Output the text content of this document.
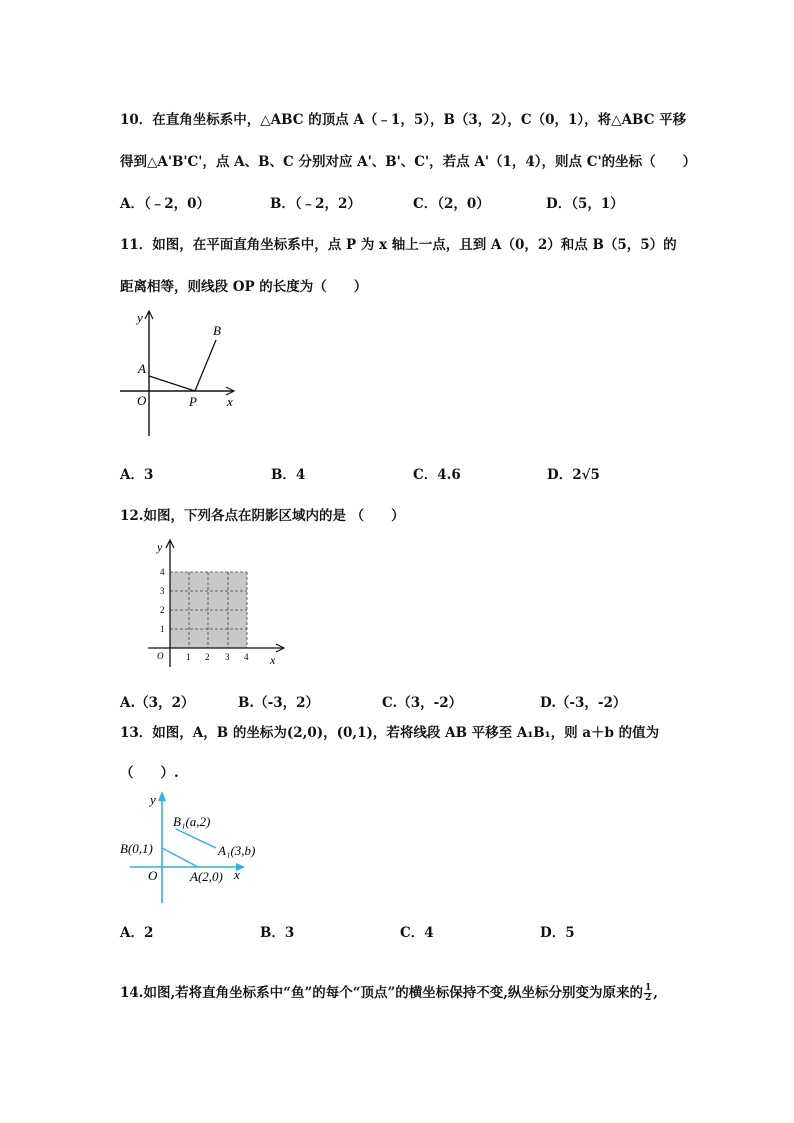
10．在直角坐标系中，△ABC 的顶点 A（﹣1，5），B（3，2），C（0，1），将△ABC 平移
得到△A'B'C'，点 A、B、C 分别对应 A'、B'、C'，若点 A'（1，4），则点 C'的坐标（　　）
A．（﹣2，0）	B．（﹣2，2）	C．（2，0）	D．（5，1）
11．如图，在平面直角坐标系中，点 P 为 x 轴上一点，且到 A（0，2）和点 B（5，5）的
距离相等，则线段 OP 的长度为（　　）
y
x
O
A
B
P
A．3	B．4	C．4.6	D．2√5
12.如图，下列各点在阴影区域内的是 （　　）
y
x
O	1 2 3 4
1
2
3
4
A.（3，2）	B.（-3，2）	C.（3，-2）	D.（-3，-2）
13．如图，A，B 的坐标为(2,0)，(0,1)，若将线段 AB 平移至 A₁B₁，则 a＋b 的值为
（　　）.
y
x
O
B(0,1)
A(2,0)
B₁(a,2)
A₁(3,b)
A．2	B．3	C．4	D．5
14.如图,若将直角坐标系中“鱼”的每个“顶点”的横坐标保持不变,纵坐标分别变为原来的 $\frac{1}{2}$ ,
